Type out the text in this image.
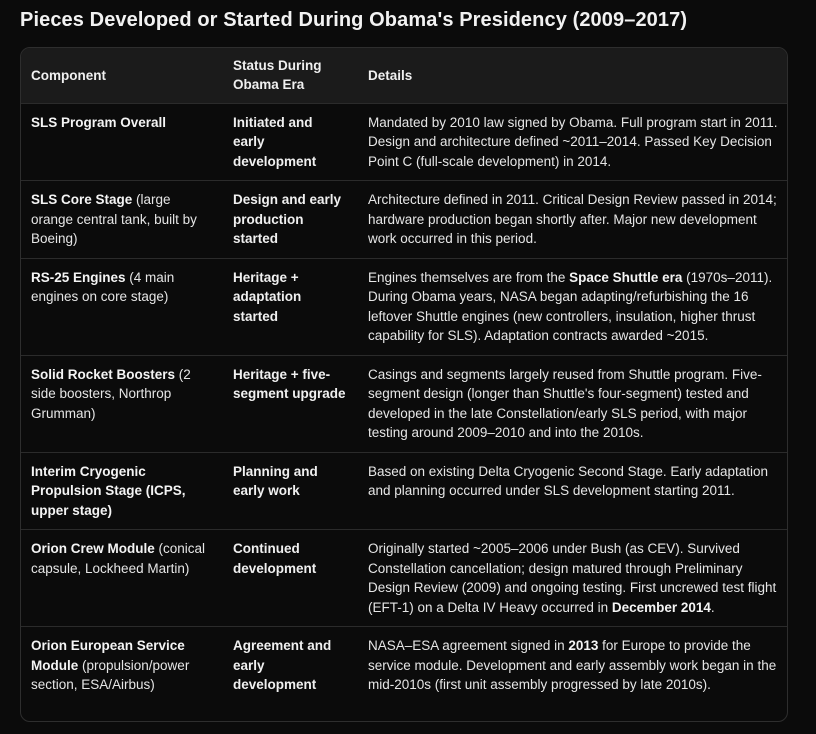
Pieces Developed or Started During Obama's Presidency (2009–2017)
Component	Status During Obama Era	Details
SLS Program Overall	Initiated and early development	Mandated by 2010 law signed by Obama. Full program start in 2011. Design and architecture defined ~2011–2014. Passed Key Decision Point C (full-scale development) in 2014.
SLS Core Stage (large orange central tank, built by Boeing)	Design and early production started	Architecture defined in 2011. Critical Design Review passed in 2014; hardware production began shortly after. Major new development work occurred in this period.
RS-25 Engines (4 main engines on core stage)	Heritage + adaptation started	Engines themselves are from the Space Shuttle era (1970s–2011). During Obama years, NASA began adapting/refurbishing the 16 leftover Shuttle engines (new controllers, insulation, higher thrust capability for SLS). Adaptation contracts awarded ~2015.
Solid Rocket Boosters (2 side boosters, Northrop Grumman)	Heritage + five-segment upgrade	Casings and segments largely reused from Shuttle program. Five-segment design (longer than Shuttle's four-segment) tested and developed in the late Constellation/early SLS period, with major testing around 2009–2010 and into the 2010s.
Interim Cryogenic Propulsion Stage (ICPS, upper stage)	Planning and early work	Based on existing Delta Cryogenic Second Stage. Early adaptation and planning occurred under SLS development starting 2011.
Orion Crew Module (conical capsule, Lockheed Martin)	Continued development	Originally started ~2005–2006 under Bush (as CEV). Survived Constellation cancellation; design matured through Preliminary Design Review (2009) and ongoing testing. First uncrewed test flight (EFT-1) on a Delta IV Heavy occurred in December 2014.
Orion European Service Module (propulsion/power section, ESA/Airbus)	Agreement and early development	NASA–ESA agreement signed in 2013 for Europe to provide the service module. Development and early assembly work began in the mid-2010s (first unit assembly progressed by late 2010s).
